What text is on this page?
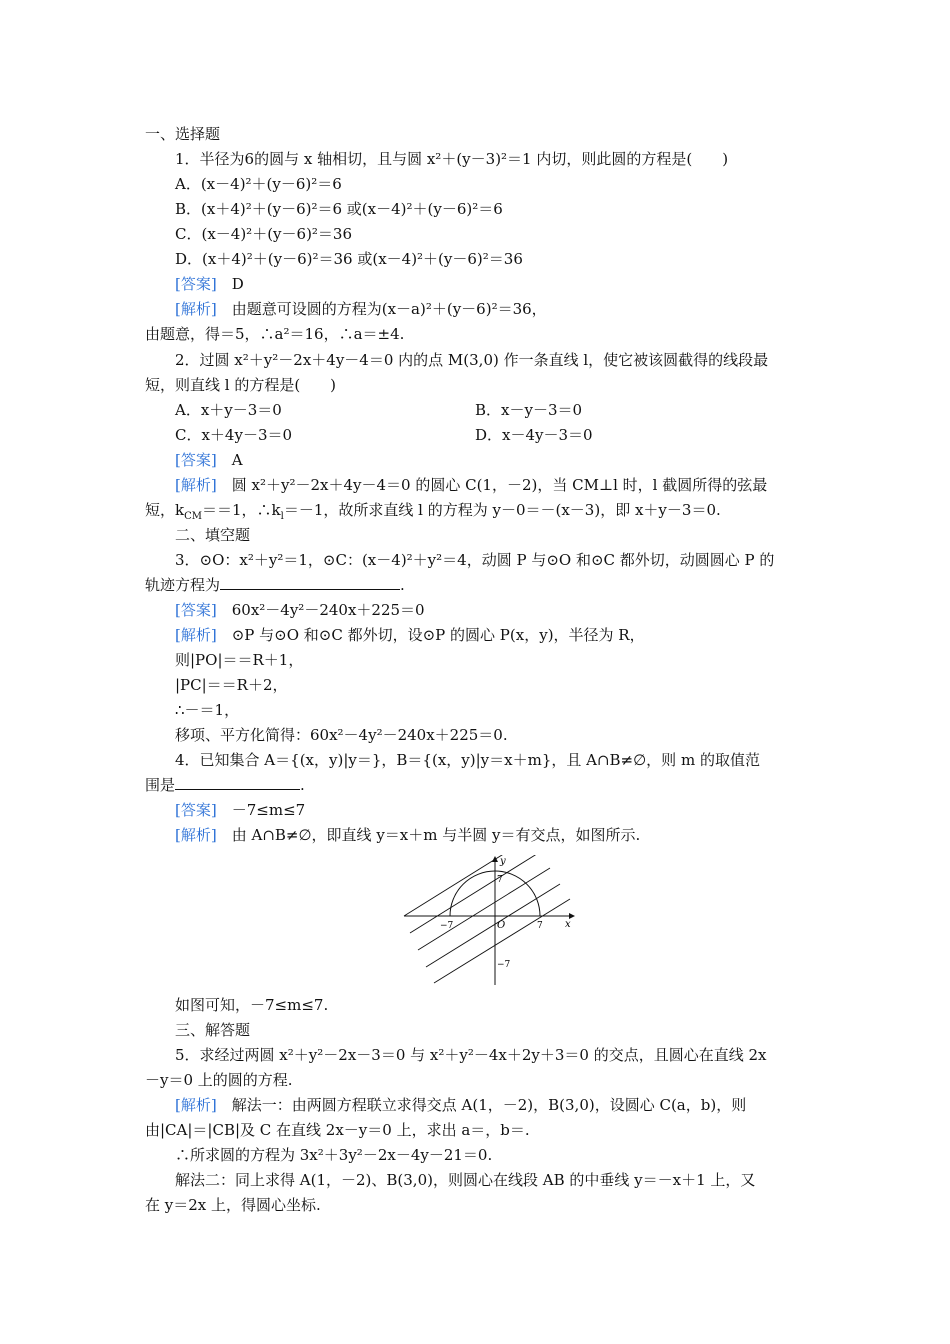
一、选择题
1．半径为6的圆与 x 轴相切，且与圆 x²＋(y－3)²＝1 内切，则此圆的方程是(　　)
A．(x－4)²＋(y－6)²＝6
B．(x＋4)²＋(y－6)²＝6 或(x－4)²＋(y－6)²＝6
C．(x－4)²＋(y－6)²＝36
D．(x＋4)²＋(y－6)²＝36 或(x－4)²＋(y－6)²＝36
[答案]　 D
[解析]　 由题意可设圆的方程为(x－a)²＋(y－6)²＝36，
由题意，得＝5，∴a²＝16，∴a＝±4.
2．过圆 x²＋y²－2x＋4y－4＝0 内的点 M(3,0) 作一条直线 l，使它被该圆截得的线段最
短，则直线 l 的方程是(　　)
A．x＋y－3＝0	B．x－y－3＝0
C．x＋4y－3＝0	D．x－4y－3＝0
[答案]　 A
[解析]　 圆 x²＋y²－2x＋4y－4＝0 的圆心 C(1，－2)，当 CM⊥l 时，l 截圆所得的弦最
短，$k_{CM}==1$，$\therefore k_l=-1$，故所求直线 l 的方程为 y－0＝－(x－3)，即 x＋y－3＝0.
二、填空题
3．⊙O：x²＋y²＝1，⊙C：(x－4)²＋y²＝4，动圆 P 与⊙O 和⊙C 都外切，动圆圆心 P 的
轨迹方程为	.
[答案]　 60x²－4y²－240x＋225＝0
[解析]　 ⊙P 与⊙O 和⊙C 都外切，设⊙P 的圆心 P(x，y)，半径为 R，
则|PO|＝＝R＋1，
|PC|＝＝R＋2，
∴－＝1，
移项、平方化简得：60x²－4y²－240x＋225＝0.
4．已知集合 A＝{(x，y)|y＝}，B＝{(x，y)|y＝x＋m}，且 A∩B≠∅，则 m 的取值范
围是	.
[答案]　 －7≤m≤7
[解析]　 由 A∩B≠∅，即直线 y＝x＋m 与半圆 y＝有交点，如图所示.
y
x
O
7
−7
−7	7
如图可知，－7≤m≤7.
三、解答题
5．求经过两圆 x²＋y²－2x－3＝0 与 x²＋y²－4x＋2y＋3＝0 的交点，且圆心在直线 2x
－y＝0 上的圆的方程.
[解析]　 解法一：由两圆方程联立求得交点 A(1，－2)，B(3,0)，设圆心 C(a，b)，则
由|CA|＝|CB|及 C 在直线 2x－y＝0 上，求出 a＝，b＝.
∴所求圆的方程为 3x²＋3y²－2x－4y－21＝0.
解法二：同上求得 A(1，－2)、B(3,0)，则圆心在线段 AB 的中垂线 y＝－x＋1 上，又
在 y＝2x 上，得圆心坐标.
